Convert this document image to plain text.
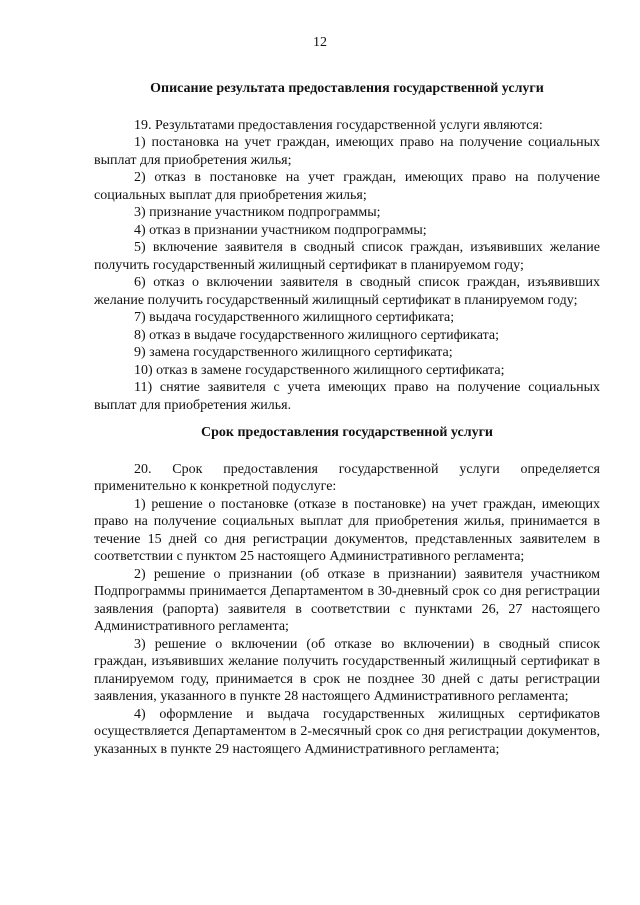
12
Описание результата предоставления государственной услуги

19. Результатами предоставления государственной услуги являются:

1) постановка на учет граждан, имеющих право на получение социальных выплат для приобретения жилья;

2) отказ в постановке на учет граждан, имеющих право на получение социальных выплат для приобретения жилья;

3) признание участником подпрограммы;

4) отказ в признании участником подпрограммы;

5) включение заявителя в сводный список граждан, изъявивших желание получить государственный жилищный сертификат в планируемом году;

6) отказ о включении заявителя в сводный список граждан, изъявивших желание получить государственный жилищный сертификат в планируемом году;

7) выдача государственного жилищного сертификата;

8) отказ в выдаче государственного жилищного сертификата;

9) замена государственного жилищного сертификата;

10) отказ в замене государственного жилищного сертификата;

11) снятие заявителя с учета имеющих право на получение социальных выплат для приобретения жилья.

Срок предоставления государственной услуги

20. Срок предоставления государственной услуги определяется применительно к конкретной подуслуге:

1) решение о постановке (отказе в постановке) на учет граждан, имеющих право на получение социальных выплат для приобретения жилья, принимается в течение 15 дней со дня регистрации документов, представленных заявителем в соответствии с пунктом 25 настоящего Административного регламента;

2) решение о признании (об отказе в признании) заявителя участником Подпрограммы принимается Департаментом в 30-дневный срок со дня регистрации заявления (рапорта) заявителя в соответствии с пунктами 26, 27 настоящего Административного регламента;

3) решение о включении (об отказе во включении) в сводный список граждан, изъявивших желание получить государственный жилищный сертификат в планируемом году, принимается в срок не позднее 30 дней с даты регистрации заявления, указанного в пункте 28 настоящего Административного регламента;

4) оформление и выдача государственных жилищных сертификатов осуществляется Департаментом в 2-месячный срок со дня регистрации документов, указанных в пункте 29 настоящего Административного регламента;
